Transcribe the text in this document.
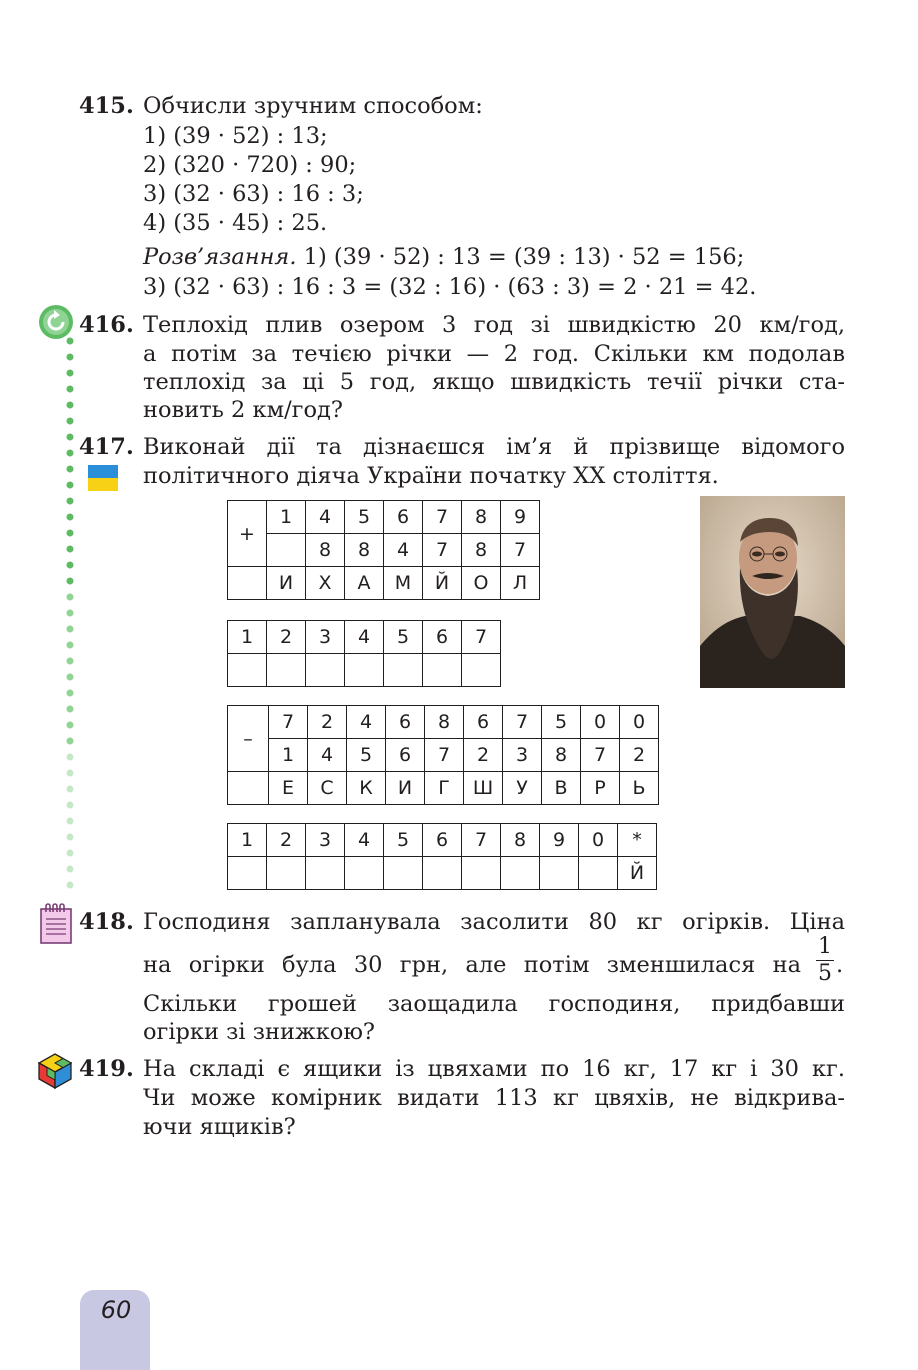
415. Обчисли зручним способом:
1) (39 · 52) : 13;
2) (320 · 720) : 90;
3) (32 · 63) : 16 : 3;
4) (35 · 45) : 25.
Розв’язання. 1) (39 · 52) : 13 = (39 : 13) · 52 = 156;
3) (32 · 63) : 16 : 3 = (32 : 16) · (63 : 3) = 2 · 21 = 42.
416. Теплохід плив озером 3 год зі швидкістю 20 км/год,
а потім за течією річки — 2 год. Скільки км подолав
теплохід за ці 5 год, якщо швидкість течії річки ста-
новить 2 км/год?
417. Виконай дії та дізнаєшся ім’я й прізвище відомого
політичного діяча України початку XX століття.
+	1	4	5	6	7	8	9
		8	8	4	7	8	7
	И	Х	А	М	Й	О	Л
1	2	3	4	5	6	7

–	7	2	4	6	8	6	7	5	0	0
	1	4	5	6	7	2	3	8	7	2
	Е	С	К	И	Г	Ш	У	В	Р	Ь
1	2	3	4	5	6	7	8	9	0	*
										Й
418. Господиня запланувала засолити 80 кг огірків. Ціна
на огірки була 30 грн, але потім зменшилася на $\frac{1}{5}$ .
Скільки грошей заощадила господиня, придбавши
огірки зі знижкою?
419. На складі є ящики із цвяхами по 16 кг, 17 кг і 30 кг.
Чи може комірник видати 113 кг цвяхів, не відкрива-
ючи ящиків?
60
